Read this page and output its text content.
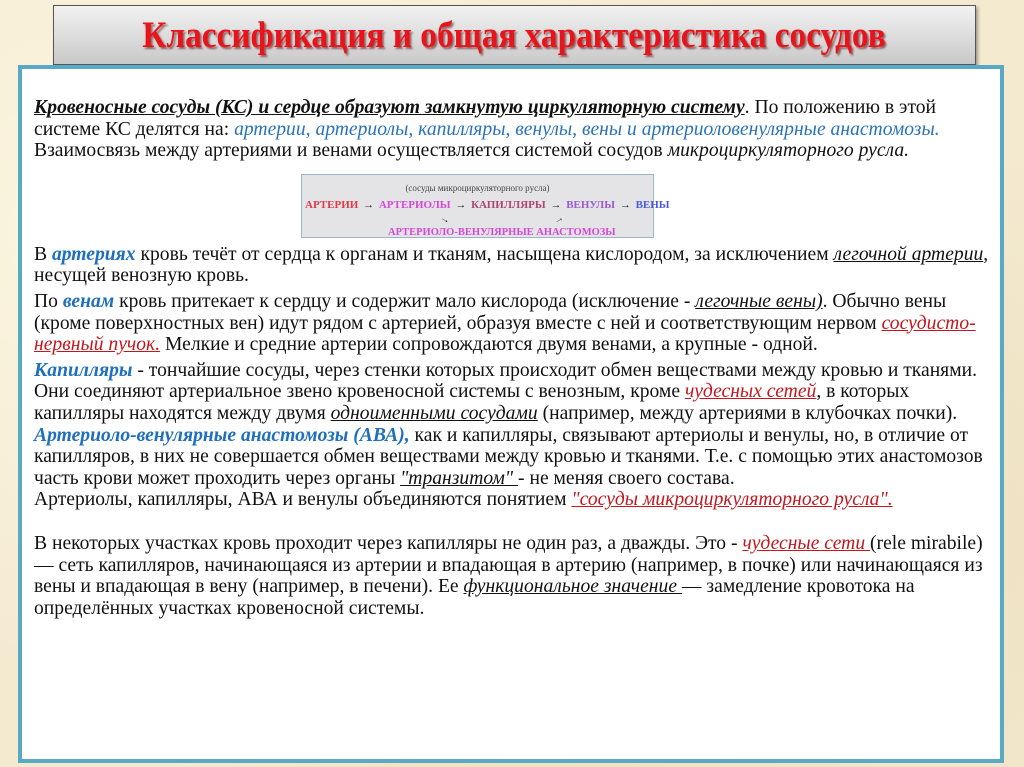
Классификация и общая характеристика сосудов

Кровеносные сосуды (КС) и сердце образуют замкнутую циркуляторную систему. По положению в этой системе КС делятся на: артерии, артериолы, капилляры, венулы, вены и артериоловенулярные анастомозы. Взаимосвязь между артериями и венами осуществляется системой сосудов микроциркуляторного русла.

(сосуды микроциркуляторного русла)
АРТЕРИИ → АРТЕРИОЛЫ → КАПИЛЛЯРЫ → ВЕНУЛЫ → ВЕНЫ
→	→
АРТЕРИОЛО-ВЕНУЛЯРНЫЕ АНАСТОМОЗЫ

В артериях кровь течёт от сердца к органам и тканям, насыщена кислородом, за исключением легочной артерии, несущей венозную кровь.

По венам кровь притекает к сердцу и содержит мало кислорода (исключение - легочные вены). Обычно вены (кроме поверхностных вен) идут рядом с артерией, образуя вместе с ней и соответствующим нервом сосудисто-нервный пучок. Мелкие и средние артерии сопровождаются двумя венами, а крупные - одной.

Капилляры - тончайшие сосуды, через стенки которых происходит обмен веществами между кровью и тканями. Они соединяют артериальное звено кровеносной системы с венозным, кроме чудесных сетей, в которых капилляры находятся между двумя одноименными сосудами (например, между артериями в клубочках почки).

Артериоло-венулярные анастомозы (АВА), как и капилляры, связывают артериолы и венулы, но, в отличие от капилляров, в них не совершается обмен веществами между кровью и тканями. Т.е. с помощью этих анастомозов часть крови может проходить через органы "транзитом" - не меняя своего состава.

Артериолы, капилляры, АВА и венулы объединяются понятием "сосуды микроциркуляторного русла".

В некоторых участках кровь проходит через капилляры не один раз, а дважды. Это - чудесные сети (rele mirabile) — сеть капилляров, начинающаяся из артерии и впадающая в артерию (например, в почке) или начинающаяся из вены и впадающая в вену (например, в печени). Ее функциональное значение — замедление кровотока на определённых участках кровеносной системы.
